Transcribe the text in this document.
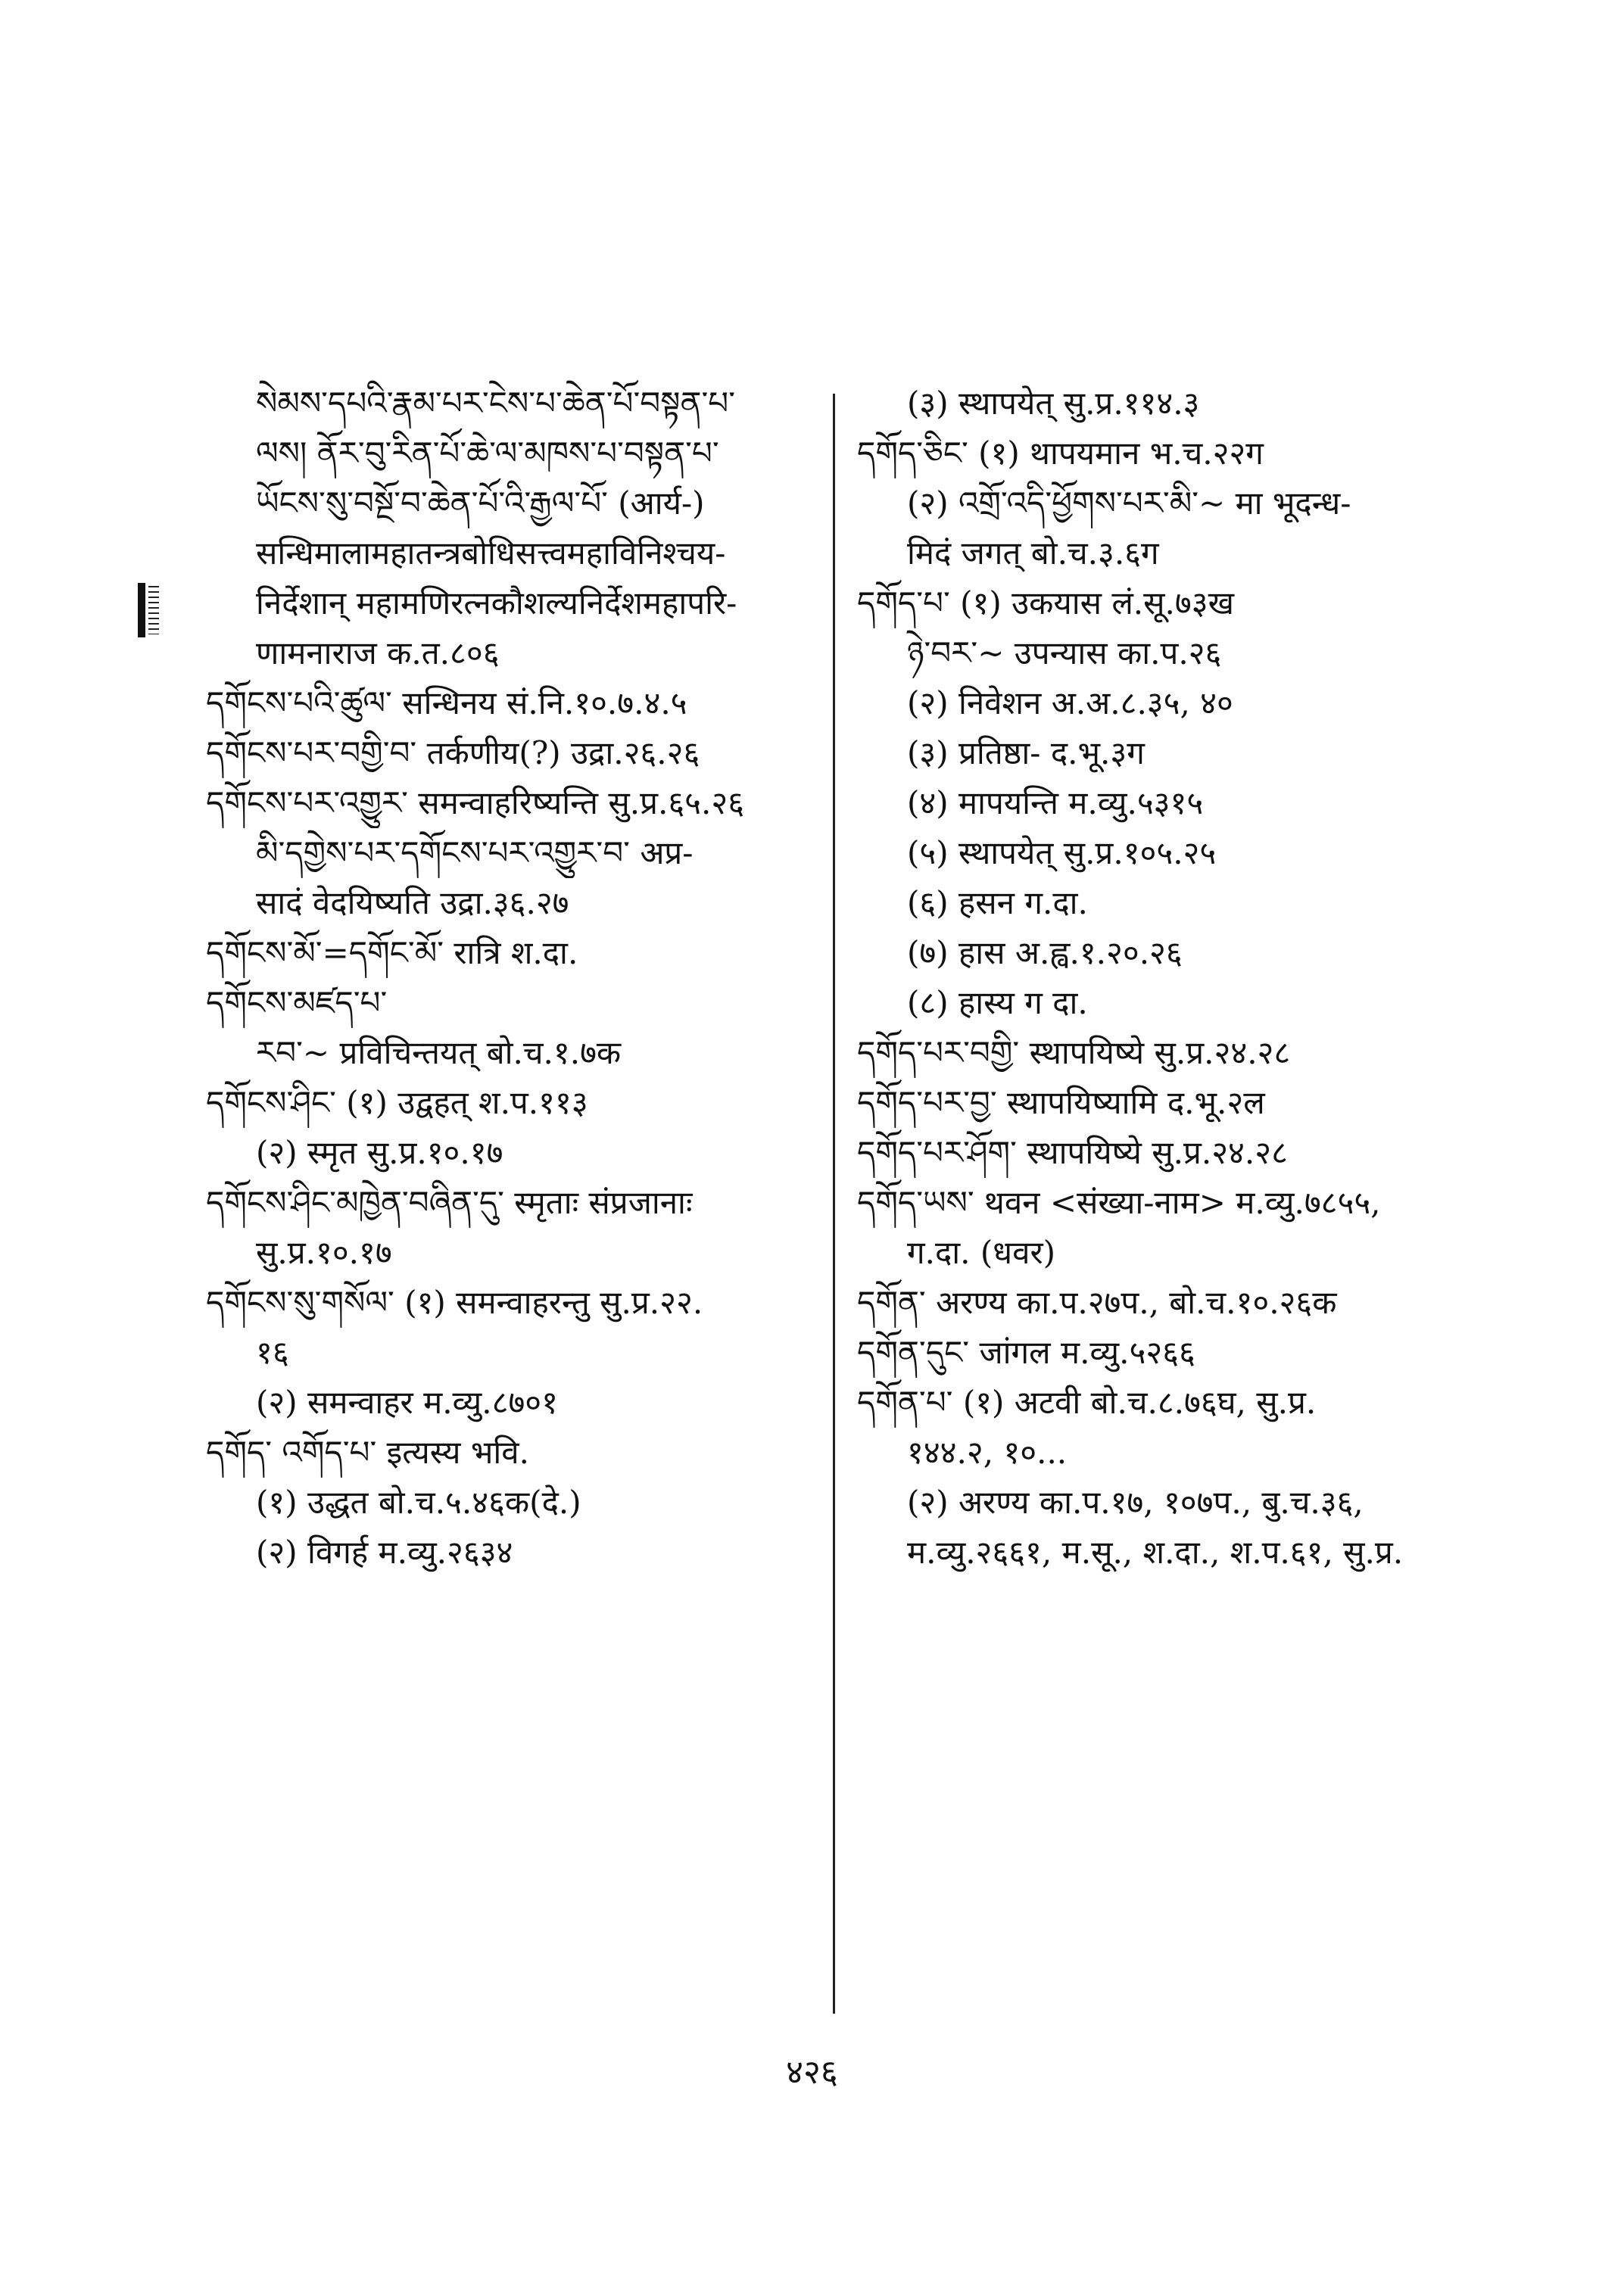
སེམས་དཔའི་རྣམ་པར་ངེས་པ་ཆེན་པོ་བསྟན་པ་
ལས། ནོར་བུ་རིན་པོ་ཆེ་ལ་མཁས་པ་བསྟན་པ་
ཡོངས་སུ་བསྔོ་བ་ཆེན་པོ་འི་རྒྱལ་པོ་ (आर्य-)
सन्धिमालामहातन्त्रबोधिसत्त्वमहाविनिश्चय-
निर्देशान् महामणिरत्नकौशल्यनिर्देशमहापरि-
णामनाराज क.त.८०६
དགོངས་པའི་ཚུལ་ सन्धिनय सं.नि.१०.७.४.५
དགོངས་པར་བགྱི་བ་ तर्कणीय(?) उद्रा.२६.२६
དགོངས་པར་འགྱུར་ समन्वाहरिष्यन्ति सु.प्र.६५.२६
མི་དགྱེས་པར་དགོངས་པར་འགྱུར་བ་ अप्र-
सादं वेदयिष्यति उद्रा.३६.२७
དགོངས་མོ་=དགོང་མོ་ रात्रि श.दा.
དགོངས་མཛད་པ་
རབ་~ प्रविचिन्तयत् बो.च.१.७क
དགོངས་ཤིང་ (१) उद्वहत् श.प.११३
(२) स्मृत सु.प्र.१०.१७
དགོངས་ཤིང་མཁྱེན་བཞིན་དུ་ स्मृताः संप्रजानाः
सु.प्र.१०.१७
དགོངས་སུ་གསོལ་ (१) समन्वाहरन्तु सु.प्र.२२.
१६
(२) समन्वाहर म.व्यु.८७०१
དགོད་ འགོད་པ་ इत्यस्य भवि.
(१) उद्धत बो.च.५.४६क(दे.)
(२) विगर्ह म.व्यु.२६३४
(३) स्थापयेत् सु.प्र.११४.३
དགོད་ཅིང་ (१) थापयमान भ.च.२२ग
(२) འགྲོ་འདི་ཕྱོགས་པར་མི་~ मा भूदन्ध-
मिदं जगत् बो.च.३.६ग
དགོད་པ་ (१) उकयास लं.सू.७३ख
ཉེ་བར་~ उपन्यास का.प.२६
(२) निवेशन अ.अ.८.३५, ४०
(३) प्रतिष्ठा- द.भू.३ग
(४) मापयन्ति म.व्यु.५३१५
(५) स्थापयेत् सु.प्र.१०५.२५
(६) हसन ग.दा.
(७) हास अ.ह्व.१.२०.२६
(८) हास्य ग दा.
དགོད་པར་བགྱི་ स्थापयिष्ये सु.प्र.२४.२८
དགོད་པར་བྱ་ स्थापयिष्यामि द.भू.२ल
དགོད་པར་ཤོག་ स्थापयिष्ये सु.प्र.२४.२८
དགོད་ཡས་ थवन <संख्या-नाम> म.व्यु.७८५५,
ग.दा. (धवर)
དགོན་ अरण्य का.प.२७प., बो.च.१०.२६क
དགོན་དུང་ जांगल म.व्यु.५२६६
དགོན་པ་ (१) अटवी बो.च.८.७६घ, सु.प्र.
१४४.२, १०...
(२) अरण्य का.प.१७, १०७प., बु.च.३६,
म.व्यु.२६६१, म.सू., श.दा., श.प.६१, सु.प्र.
४२६
